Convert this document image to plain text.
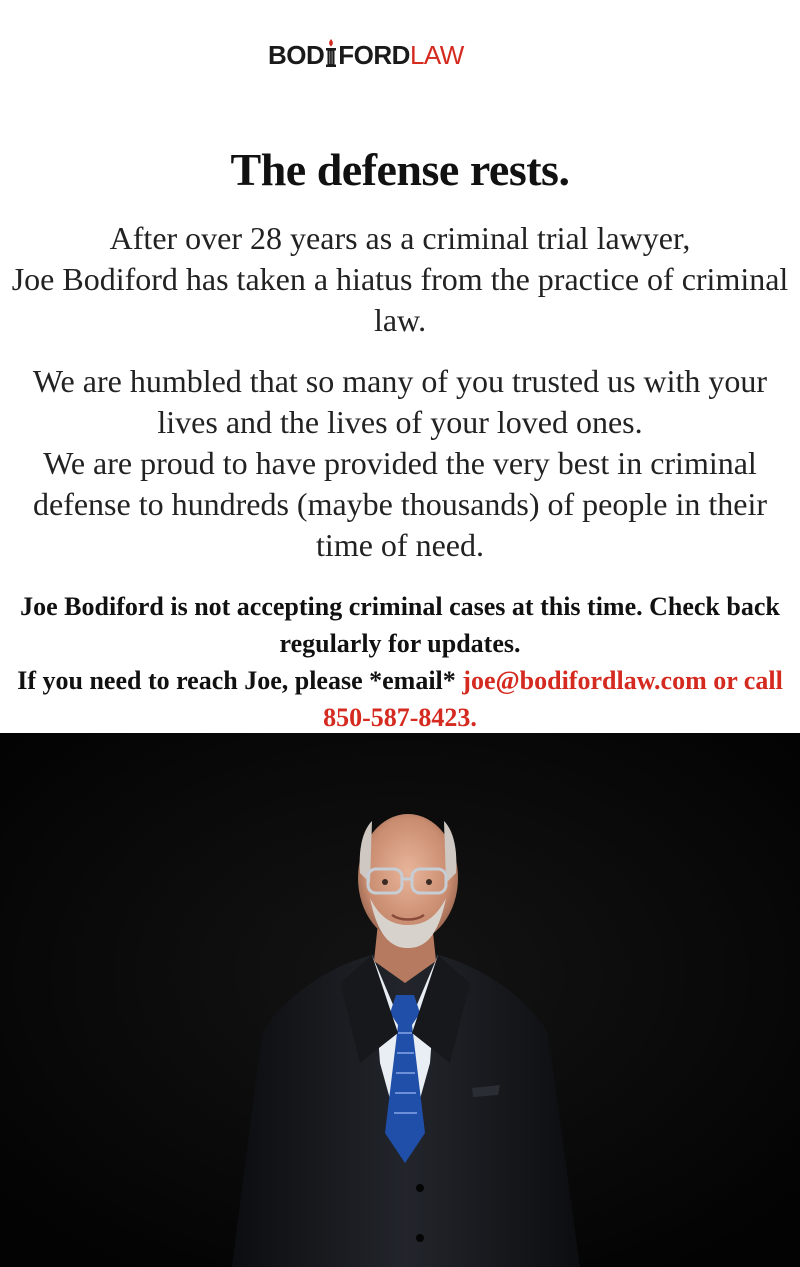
BOD FORD LAW
The defense rests.

After over 28 years as a criminal trial lawyer,
Joe Bodiford has taken a hiatus from the practice of criminal law.

We are humbled that so many of you trusted us with your lives and the lives of your loved ones.
We are proud to have provided the very best in criminal defense to hundreds (maybe thousands) of people in their time of need.

Joe Bodiford is not accepting criminal cases at this time. Check back regularly for updates.
If you need to reach Joe, please *email* joe@bodifordlaw.com or call 850-587-8423.
